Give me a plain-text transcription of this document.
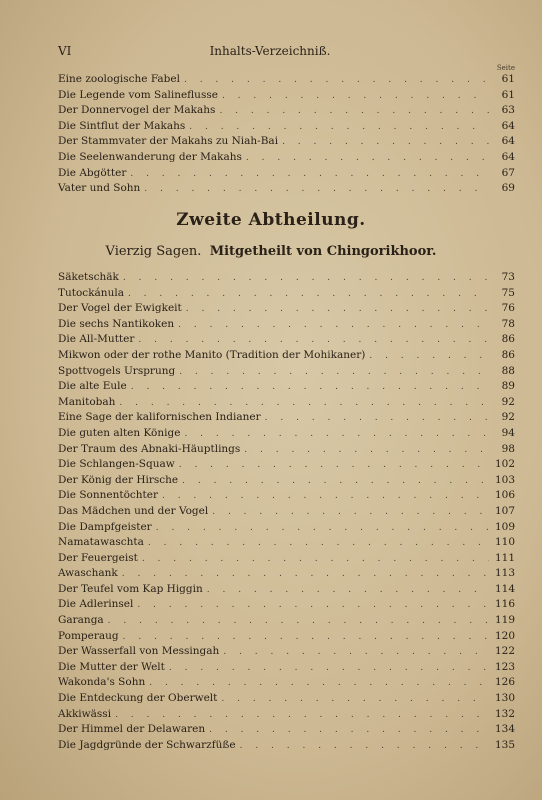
VI	Inhalts-Verzeichniß.
Seite
Eine zoologische Fabel . . .	61
Die Legende vom Salineflusse . . .	61
Der Donnervogel der Makahs . . .	63
Die Sintflut der Makahs . . .	64
Der Stammvater der Makahs zu Niah-Bai . . .	64
Die Seelenwanderung der Makahs . . .	64
Die Abgötter . . .	67
Vater und Sohn . . .	69
Zweite Abtheilung.
Vierzig Sagen. Mitgetheilt von Chingorikhoor.
Säketschäk . . .	73
Tutockánula . . .	75
Der Vogel der Ewigkeit . . .	76
Die sechs Nantikoken . . .	78
Die All-Mutter . . .	86
Mikwon oder der rothe Manito (Tradition der Mohikaner) . . .	86
Spottvogels Ursprung . . .	88
Die alte Eule . . .	89
Manitobah . . .	92
Eine Sage der kalifornischen Indianer . . .	92
Die guten alten Könige . . .	94
Der Traum des Abnaki-Häuptlings . . .	98
Die Schlangen-Squaw . . .	102
Der König der Hirsche . . .	103
Die Sonnentöchter . . .	106
Das Mädchen und der Vogel . . .	107
Die Dampfgeister . . .	109
Namatawaschta . . .	110
Der Feuergeist . . .	111
Awaschank . . .	113
Der Teufel vom Kap Higgin . . .	114
Die Adlerinsel . . .	116
Garanga . . .	119
Pomperaug . . .	120
Der Wasserfall von Messingah . . .	122
Die Mutter der Welt . . .	123
Wakonda's Sohn . . .	126
Die Entdeckung der Oberwelt . . .	130
Akkiwässi . . .	132
Der Himmel der Delawaren . . .	134
Die Jagdgründe der Schwarzfüße . . .	135
